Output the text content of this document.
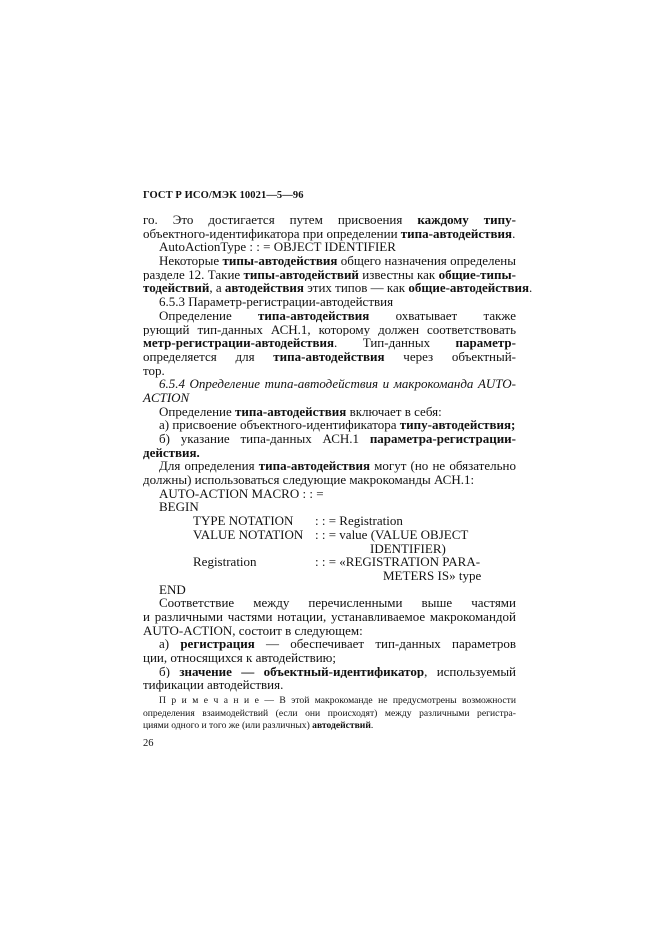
ГОСТ Р ИСО/МЭК 10021—5—96
го. Это достигается путем присвоения каждому типу-
объектного-идентификатора при определении типа-автодействия.
AutoActionType : : = OBJECT IDENTIFIER
Некоторые типы-автодействия общего назначения определены
разделе 12. Такие типы-автодействий известны как общие-типы-
тодействий, а автодействия этих типов — как общие-автодействия.
6.5.3 Параметр-регистрации-автодействия
Определение типа-автодействия охватывает также
рующий тип-данных АСН.1, которому должен соответствовать
метр-регистрации-автодействия. Тип-данных параметр-
определяется для типа-автодействия через объектный-
тор.
6.5.4 Определение типа-автодействия и макрокоманда AUTO-
ACTION
Определение типа-автодействия включает в себя:
а) присвоение объектного-идентификатора типу-автодействия;
б) указание типа-данных АСН.1 параметра-регистрации-
действия.
Для определения типа-автодействия могут (но не обязательно
должны) использоваться следующие макрокоманды АСН.1:
AUTO-ACTION MACRO : : =
BEGIN
TYPE NOTATION : : = Registration
VALUE NOTATION : : = value (VALUE OBJECT
IDENTIFIER)
Registration	: : = «REGISTRATION PARA-
METERS IS» type
END
Соответствие между перечисленными выше частями
и различными частями нотации, устанавливаемое макрокомандой
AUTO-ACTION, состоит в следующем:
а) регистрация — обеспечивает тип-данных параметров
ции, относящихся к автодействию;
б) значение — объектный-идентификатор, используемый
тификации автодействия.
П р и м е ч а н и е — В этой макрокоманде не предусмотрены возможности
определения взаимодействий (если они происходят) между различными регистра-
циями одного и того же (или различных) автодействий.
26
